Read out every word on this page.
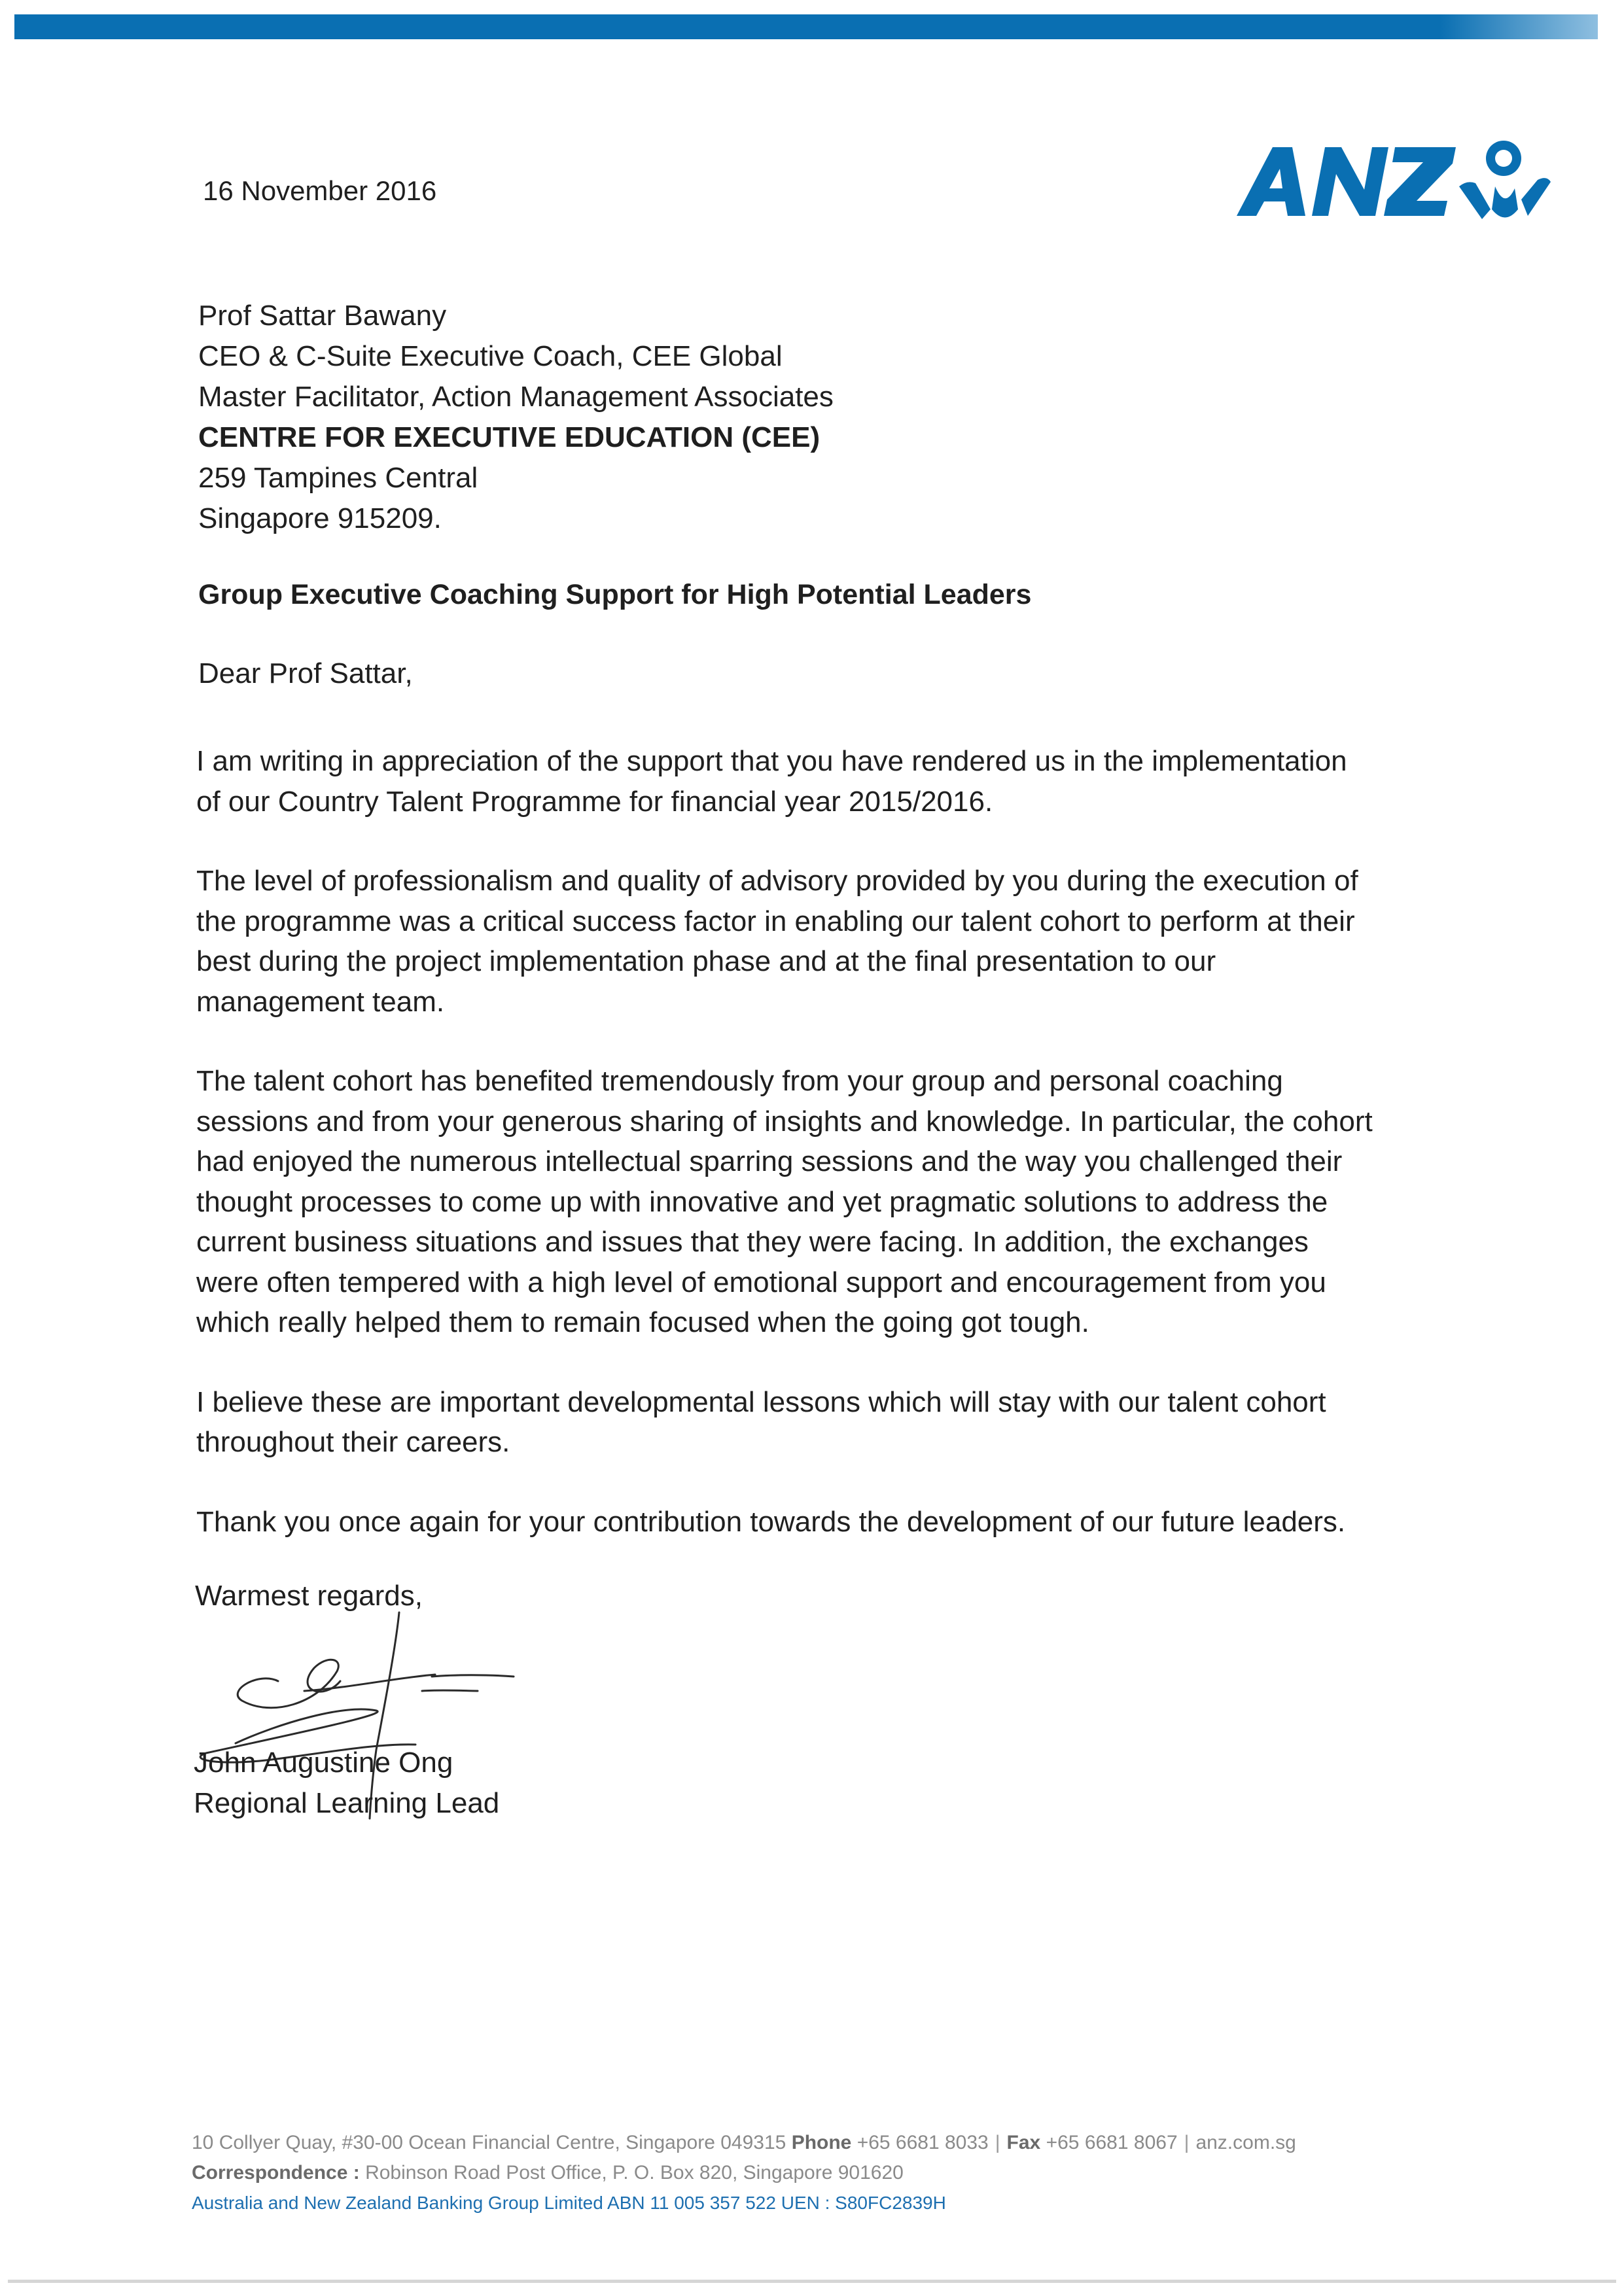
16 November 2016
Prof Sattar Bawany
CEO & C-Suite Executive Coach, CEE Global
Master Facilitator, Action Management Associates
CENTRE FOR EXECUTIVE EDUCATION (CEE)
259 Tampines Central
Singapore 915209.
Group Executive Coaching Support for High Potential Leaders
Dear Prof Sattar,

I am writing in appreciation of the support that you have rendered us in the implementation
of our Country Talent Programme for financial year 2015/2016.

The level of professionalism and quality of advisory provided by you during the execution of
the programme was a critical success factor in enabling our talent cohort to perform at their
best during the project implementation phase and at the final presentation to our
management team.

The talent cohort has benefited tremendously from your group and personal coaching
sessions and from your generous sharing of insights and knowledge. In particular, the cohort
had enjoyed the numerous intellectual sparring sessions and the way you challenged their
thought processes to come up with innovative and yet pragmatic solutions to address the
current business situations and issues that they were facing. In addition, the exchanges
were often tempered with a high level of emotional support and encouragement from you
which really helped them to remain focused when the going got tough.

I believe these are important developmental lessons which will stay with our talent cohort
throughout their careers.

Thank you once again for your contribution towards the development of our future leaders.

Warmest regards,
John Augustine Ong
Regional Learning Lead
10 Collyer Quay, #30-00 Ocean Financial Centre, Singapore 049315 Phone +65 6681 8033 | Fax +65 6681 8067 | anz.com.sg
Correspondence : Robinson Road Post Office, P. O. Box 820, Singapore 901620
Australia and New Zealand Banking Group Limited ABN 11 005 357 522 UEN : S80FC2839H
